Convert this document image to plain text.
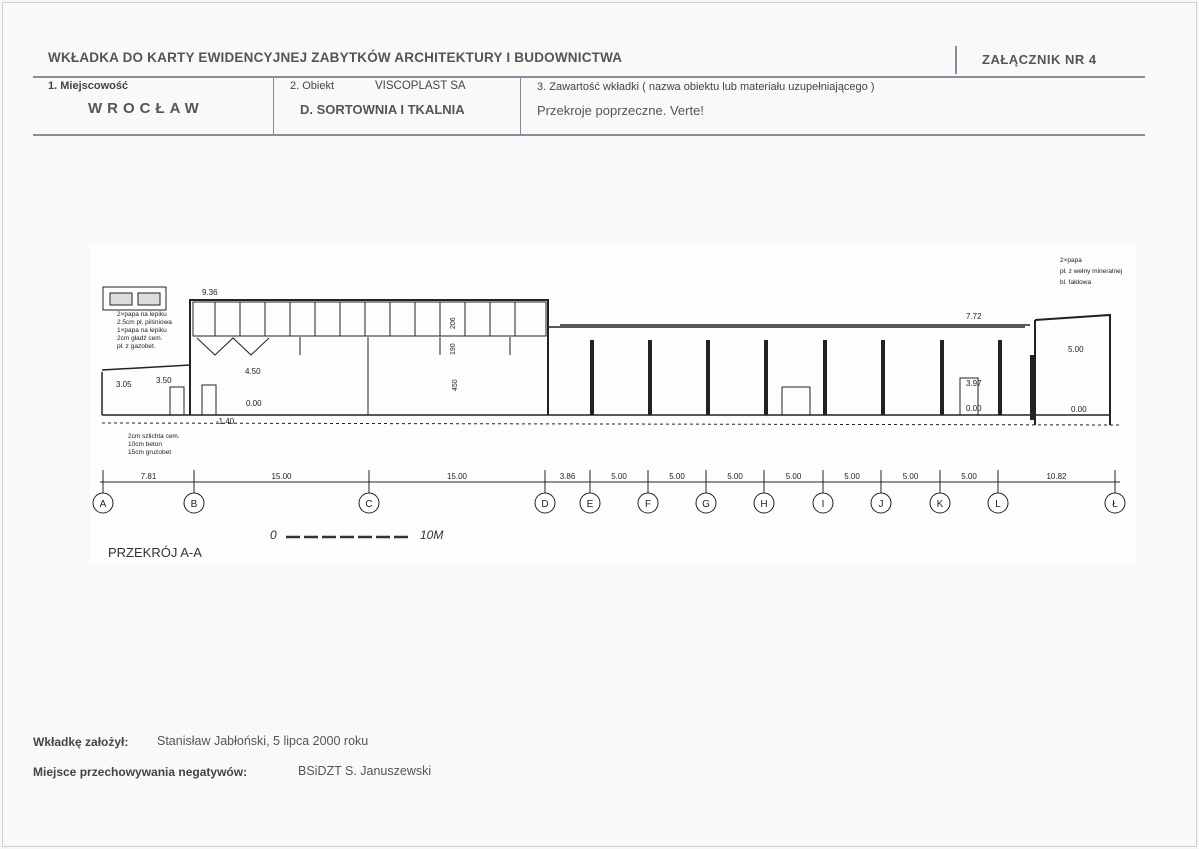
WKŁADKA DO KARTY EWIDENCYJNEJ ZABYTKÓW ARCHITEKTURY I BUDOWNICTWA	ZAŁĄCZNIK NR 4
1. Miejscowość
WROCŁAW
2. Obiekt	VISCOPLAST SA
D. SORTOWNIA I TKALNIA
3. Zawartość wkładki ( nazwa obiektu lub materiału uzupełniającego )
Przekroje poprzeczne. Verte!
9.36
7.72
3.05	3.50
4.50
0.00
-1.40
3.97
0.00
5.00
0.00
206
190
450
2×papa na lepiku
2.5cm pł. pilśniowa
1×papa na lepiku
2cm gładź cem.
pł. z gazobet.
2cm szlichta cem.
10cm beton
15cm gruzobet
2×papa
pł. z wełny mineralnej
bl. fałdowa
A	B	C	D	E	F	G	H	I	J	K	L	Ł
7.81	15.00	15.00	3.86	5.00	5.00	5.00	5.00	5.00	5.00	5.00	10.82
0	10M
PRZEKRÓJ A-A
Wkładkę założył: Stanisław Jabłoński, 5 lipca 2000 roku
Miejsce przechowywania negatywów:	BSiDZT S. Januszewski
